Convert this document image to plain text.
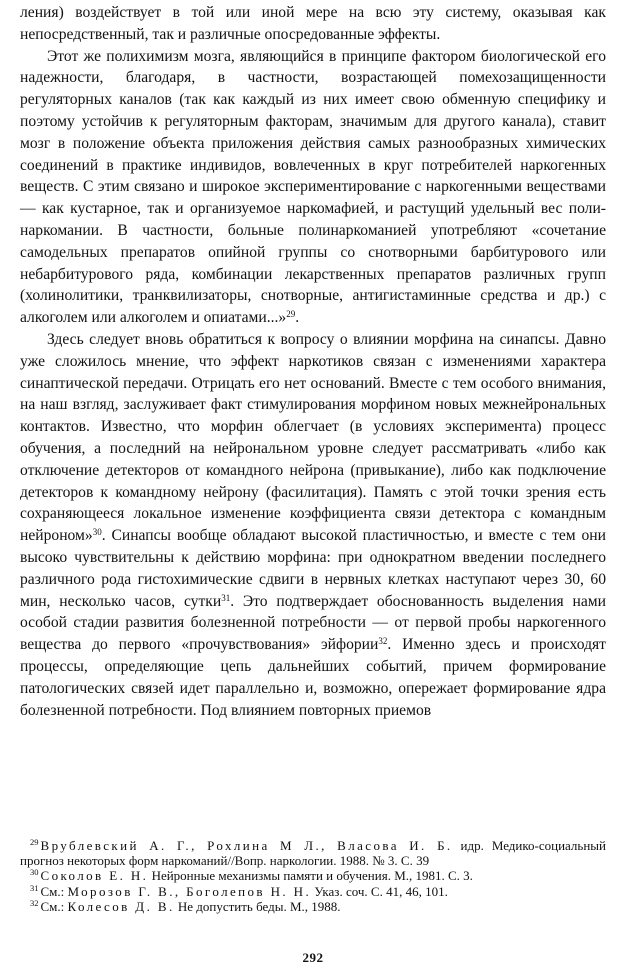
ления) воздействует в той или иной мере на всю эту систему, оказывая как непосредственный, так и различные опосредованные эффекты.

Этот же полихимизм мозга, являющийся в принципе фактором биологической его надежности, благодаря, в частности, возрастающей помехозащищенности регуляторных каналов (так как каждый из них имеет свою обменную специфику и поэтому устойчив к регуляторным факторам, значимым для другого канала), ставит мозг в положение объекта приложения действия самых разнообразных химических соединений в практике индивидов, вовлеченных в круг потребителей наркогенных веществ. С этим связано и широкое экспериментирование с наркогенными веществами — как кустарное, так и организуемое наркомафией, и растущий удельный вес полинаркомании. В частности, больные полинаркоманией употребляют «сочетание самодельных препаратов опийной группы со снотворными барбитурового или небарбитурового ряда, комбинации лекарственных препаратов различных групп (холинолитики, транквилизаторы, снотворные, антигистаминные средства и др.) с алкоголем или алкоголем и опиатами...»$^{29}$.

Здесь следует вновь обратиться к вопросу о влиянии морфина на синапсы. Давно уже сложилось мнение, что эффект наркотиков связан с изменениями характера синаптической передачи. Отрицать его нет оснований. Вместе с тем особого внимания, на наш взгляд, заслуживает факт стимулирования морфином новых межнейрональных контактов. Известно, что морфин облегчает (в условиях эксперимента) процесс обучения, а последний на нейрональном уровне следует рассматривать «либо как отключение детекторов от командного нейрона (привыкание), либо как подключение детекторов к командному нейрону (фасилитация). Память с этой точки зрения есть сохраняющееся локальное изменение коэффициента связи детектора с командным нейроном»$^{30}$. Синапсы вообще обладают высокой пластичностью, и вместе с тем они высоко чувствительны к действию морфина: при однократном введении последнего различного рода гистохимические сдвиги в нервных клетках наступают через 30, 60 мин, несколько часов, сутки$^{31}$. Это подтверждает обоснованность выделения нами особой стадии развития болезненной потребности — от первой пробы наркогенного вещества до первого «прочувствования» эйфории$^{32}$. Именно здесь и происходят процессы, определяющие цепь дальнейших событий, причем формирование патологических связей идет параллельно и, возможно, опережает формирование ядра болезненной потребности. Под влиянием повторных приемов

$^{29}$ Врублевский А. Г., Рохлина М Л., Власова И. Б. идр. Медико-социальный прогноз некоторых форм наркоманий//Вопр. наркологии. 1988. № 3. С. 39

$^{30}$ Соколов Е. Н. Нейронные механизмы памяти и обучения. М., 1981. С. 3.

$^{31}$ См.: Морозов Г. В., Боголепов Н. Н. Указ. соч. С. 41, 46, 101.

$^{32}$ См.: Колесов Д. В. Не допустить беды. М., 1988.

292
